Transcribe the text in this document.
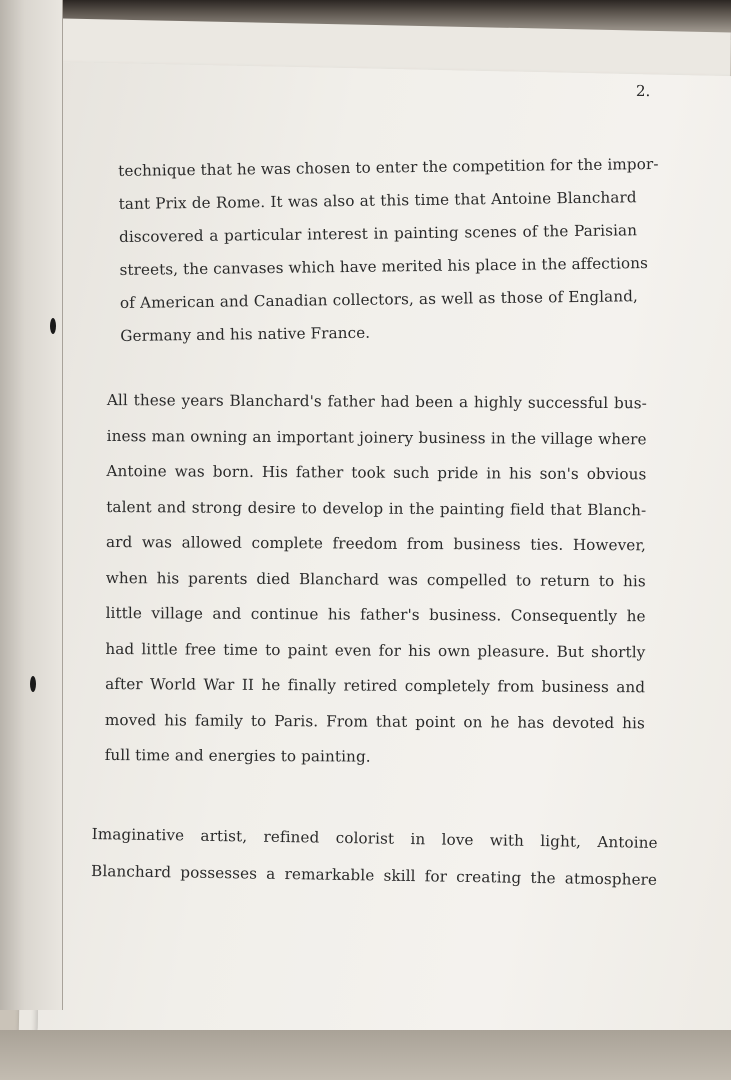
2.
technique that he was chosen to enter the competition for the impor-
tant Prix de Rome. It was also at this time that Antoine Blanchard
discovered a particular interest in painting scenes of the Parisian
streets, the canvases which have merited his place in the affections
of American and Canadian collectors, as well as those of England,
Germany and his native France.
All these years Blanchard's father had been a highly successful bus-
iness man owning an important joinery business in the village where
Antoine was born. His father took such pride in his son's obvious
talent and strong desire to develop in the painting field that Blanch-
ard was allowed complete freedom from business ties. However,
when his parents died Blanchard was compelled to return to his
little village and continue his father's business. Consequently he
had little free time to paint even for his own pleasure. But shortly
after World War II he finally retired completely from business and
moved his family to Paris. From that point on he has devoted his
full time and energies to painting.
Imaginative artist, refined colorist in love with light, Antoine
Blanchard possesses a remarkable skill for creating the atmosphere
